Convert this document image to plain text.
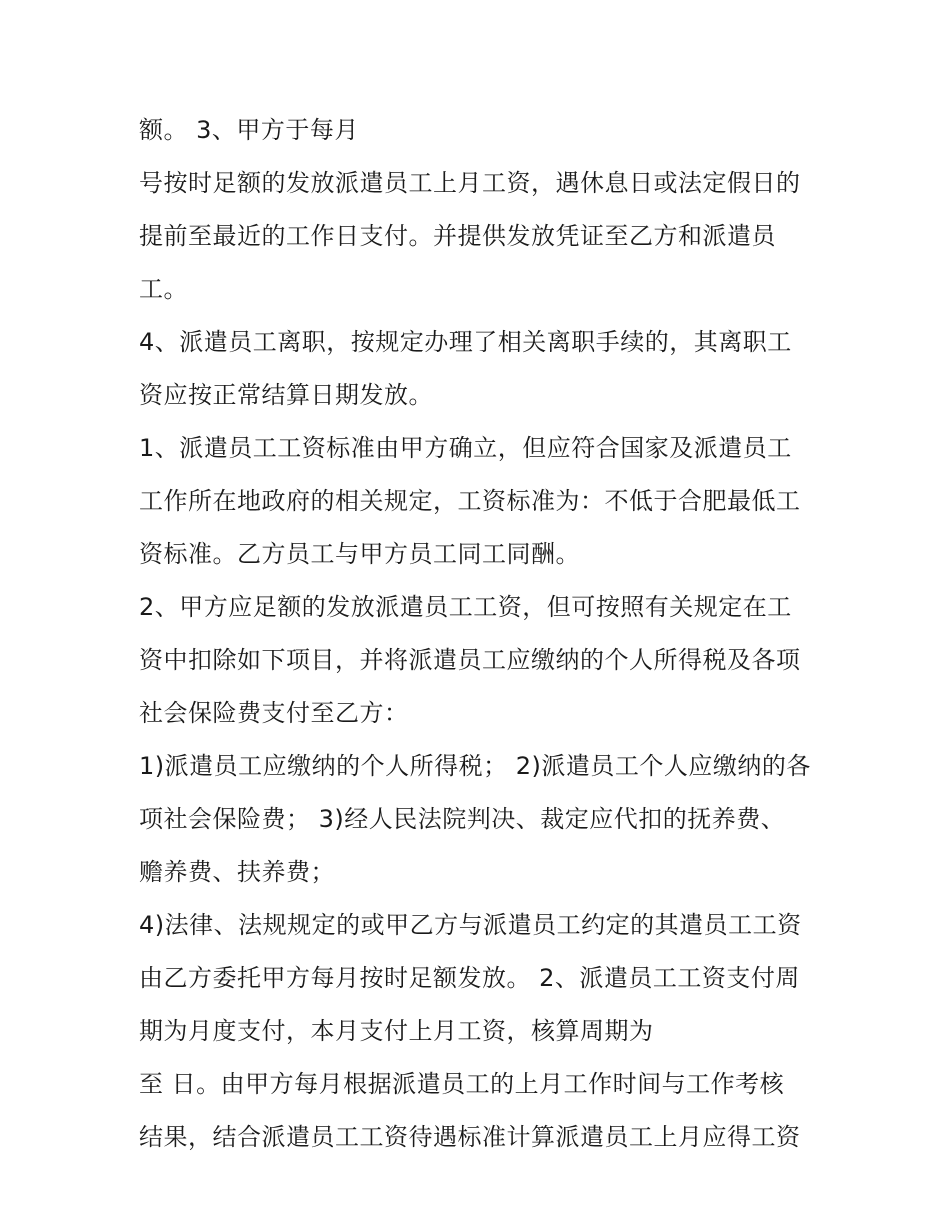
额。 3、甲方于每月
号按时足额的发放派遣员工上月工资，遇休息日或法定假日的
提前至最近的工作日支付。并提供发放凭证至乙方和派遣员
工。
4、派遣员工离职，按规定办理了相关离职手续的，其离职工
资应按正常结算日期发放。
1、派遣员工工资标准由甲方确立，但应符合国家及派遣员工
工作所在地政府的相关规定，工资标准为：不低于合肥最低工
资标准。乙方员工与甲方员工同工同酬。
2、甲方应足额的发放派遣员工工资，但可按照有关规定在工
资中扣除如下项目，并将派遣员工应缴纳的个人所得税及各项
社会保险费支付至乙方：
1)派遣员工应缴纳的个人所得税； 2)派遣员工个人应缴纳的各
项社会保险费； 3)经人民法院判决、裁定应代扣的抚养费、
赡养费、扶养费；
4)法律、法规规定的或甲乙方与派遣员工约定的其遣员工工资
由乙方委托甲方每月按时足额发放。 2、派遣员工工资支付周
期为月度支付，本月支付上月工资，核算周期为
至 日。由甲方每月根据派遣员工的上月工作时间与工作考核
结果，结合派遣员工工资待遇标准计算派遣员工上月应得工资
